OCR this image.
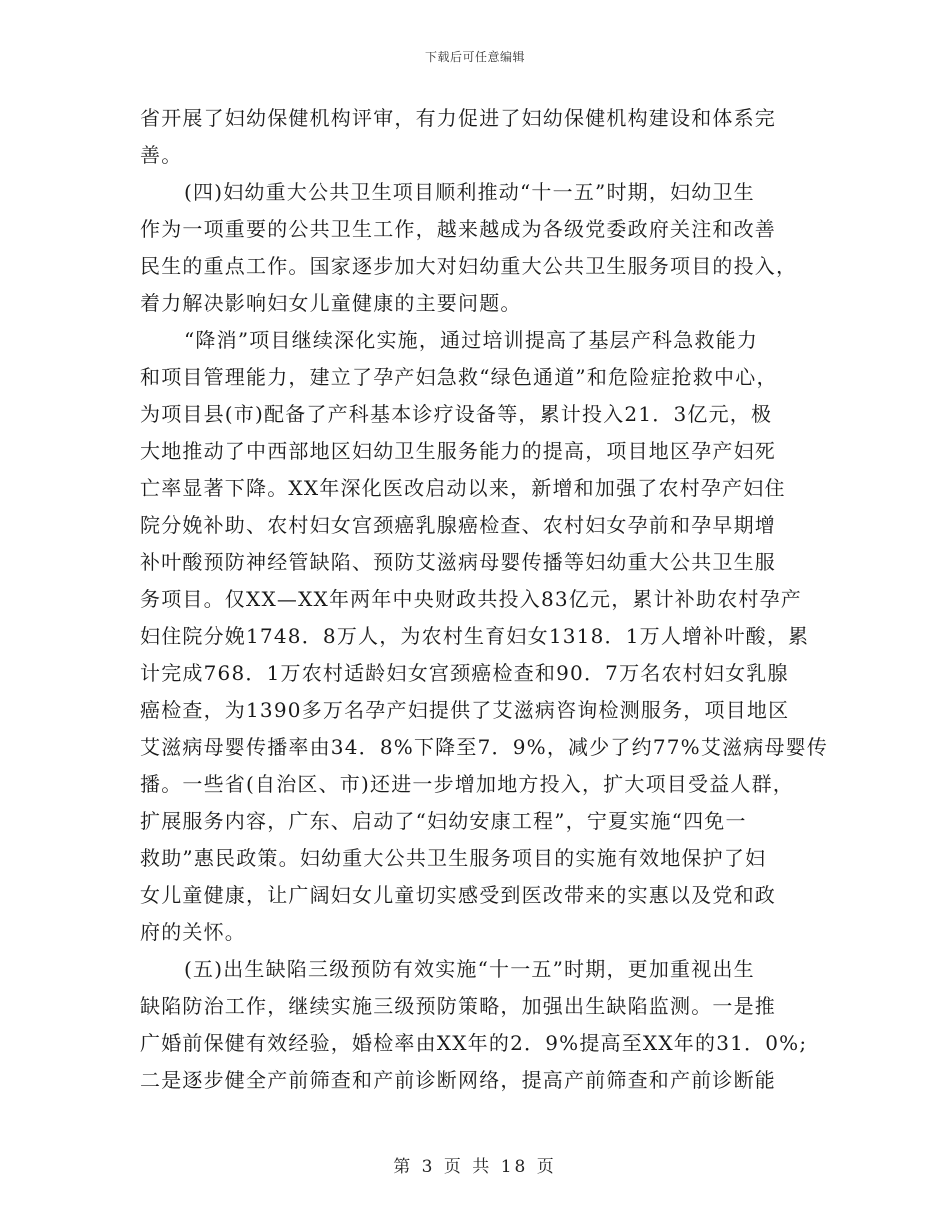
下载后可任意编辑
省开展了妇幼保健机构评审，有力促进了妇幼保健机构建设和体系完
善。
(四)妇幼重大公共卫生项目顺利推动“十一五”时期，妇幼卫生
作为一项重要的公共卫生工作，越来越成为各级党委政府关注和改善
民生的重点工作。国家逐步加大对妇幼重大公共卫生服务项目的投入，
着力解决影响妇女儿童健康的主要问题。
“降消”项目继续深化实施，通过培训提高了基层产科急救能力
和项目管理能力，建立了孕产妇急救“绿色通道”和危险症抢救中心，
为项目县(市)配备了产科基本诊疗设备等，累计投入21．3亿元，极
大地推动了中西部地区妇幼卫生服务能力的提高，项目地区孕产妇死
亡率显著下降。XX年深化医改启动以来，新增和加强了农村孕产妇住
院分娩补助、农村妇女宫颈癌乳腺癌检查、农村妇女孕前和孕早期增
补叶酸预防神经管缺陷、预防艾滋病母婴传播等妇幼重大公共卫生服
务项目。仅XX—XX年两年中央财政共投入83亿元，累计补助农村孕产
妇住院分娩1748．8万人，为农村生育妇女1318．1万人增补叶酸，累
计完成768．1万农村适龄妇女宫颈癌检查和90．7万名农村妇女乳腺
癌检查，为1390多万名孕产妇提供了艾滋病咨询检测服务，项目地区
艾滋病母婴传播率由34．8%下降至7．9%，减少了约77%艾滋病母婴传
播。一些省(自治区、市)还进一步增加地方投入，扩大项目受益人群，
扩展服务内容，广东、启动了“妇幼安康工程”，宁夏实施“四免一
救助”惠民政策。妇幼重大公共卫生服务项目的实施有效地保护了妇
女儿童健康，让广阔妇女儿童切实感受到医改带来的实惠以及党和政
府的关怀。
(五)出生缺陷三级预防有效实施“十一五”时期，更加重视出生
缺陷防治工作，继续实施三级预防策略，加强出生缺陷监测。一是推
广婚前保健有效经验，婚检率由XX年的2．9%提高至XX年的31．0%;
二是逐步健全产前筛查和产前诊断网络，提高产前筛查和产前诊断能
第 3 页 共 18 页
